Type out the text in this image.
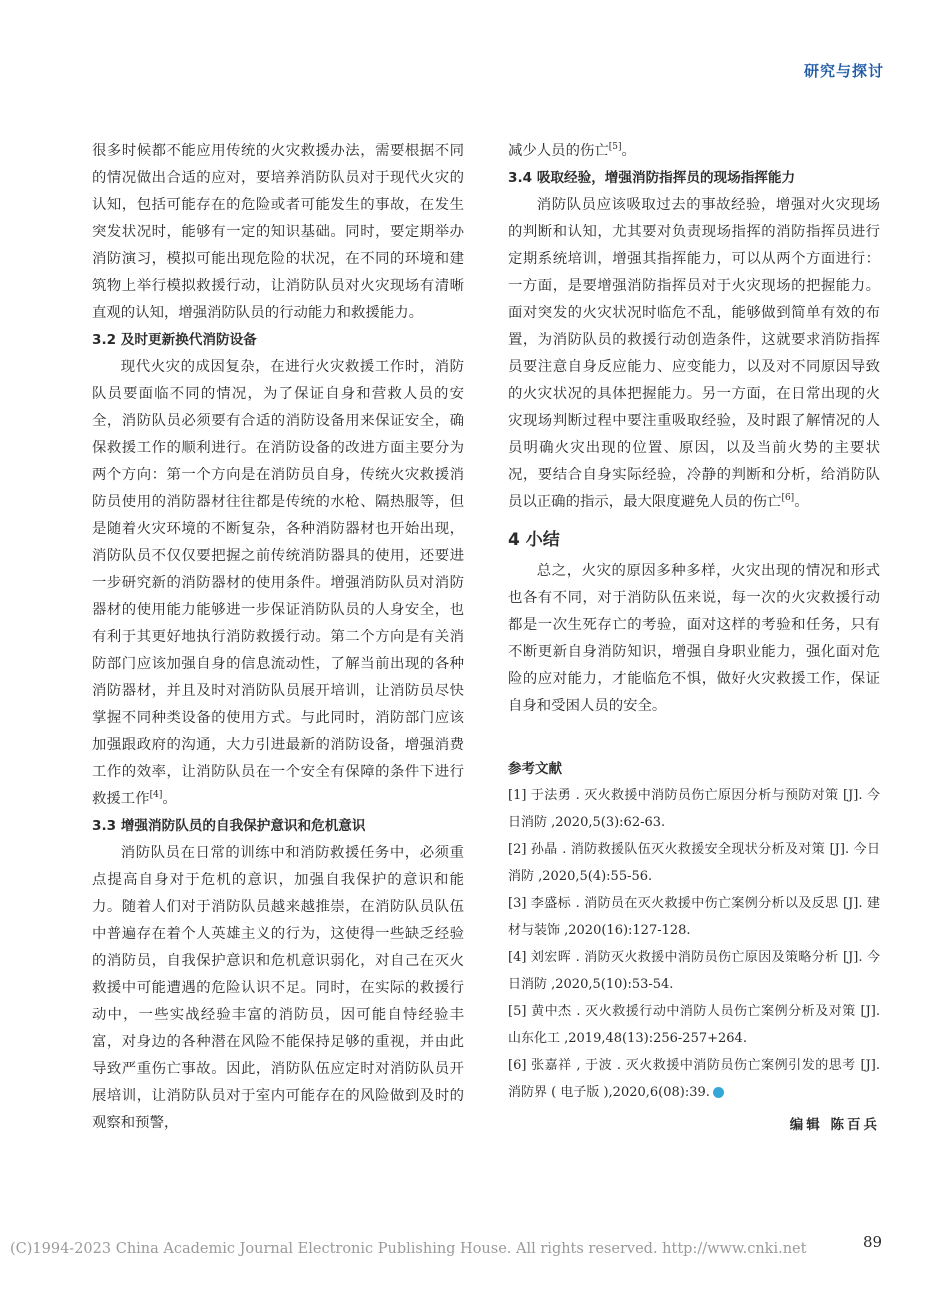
研究与探讨

很多时候都不能应用传统的火灾救援办法，需要根据不同的情况做出合适的应对，要培养消防队员对于现代火灾的认知，包括可能存在的危险或者可能发生的事故，在发生突发状况时，能够有一定的知识基础。同时，要定期举办消防演习，模拟可能出现危险的状况，在不同的环境和建筑物上举行模拟救援行动，让消防队员对火灾现场有清晰直观的认知，增强消防队员的行动能力和救援能力。

3.2 及时更新换代消防设备

现代火灾的成因复杂，在进行火灾救援工作时，消防队员要面临不同的情况，为了保证自身和营救人员的安全，消防队员必须要有合适的消防设备用来保证安全，确保救援工作的顺利进行。在消防设备的改进方面主要分为两个方向：第一个方向是在消防员自身，传统火灾救援消防员使用的消防器材往往都是传统的水枪、隔热服等，但是随着火灾环境的不断复杂，各种消防器材也开始出现，消防队员不仅仅要把握之前传统消防器具的使用，还要进一步研究新的消防器材的使用条件。增强消防队员对消防器材的使用能力能够进一步保证消防队员的人身安全，也有利于其更好地执行消防救援行动。第二个方向是有关消防部门应该加强自身的信息流动性，了解当前出现的各种消防器材，并且及时对消防队员展开培训，让消防员尽快掌握不同种类设备的使用方式。与此同时，消防部门应该加强跟政府的沟通，大力引进最新的消防设备，增强消费工作的效率，让消防队员在一个安全有保障的条件下进行救援工作[4]。

3.3 增强消防队员的自我保护意识和危机意识

消防队员在日常的训练中和消防救援任务中，必须重点提高自身对于危机的意识，加强自我保护的意识和能力。随着人们对于消防队员越来越推崇，在消防队员队伍中普遍存在着个人英雄主义的行为，这使得一些缺乏经验的消防员，自我保护意识和危机意识弱化，对自己在灭火救援中可能遭遇的危险认识不足。同时，在实际的救援行动中，一些实战经验丰富的消防员，因可能自恃经验丰富，对身边的各种潜在风险不能保持足够的重视，并由此导致严重伤亡事故。因此，消防队伍应定时对消防队员开展培训，让消防队员对于室内可能存在的风险做到及时的观察和预警，

减少人员的伤亡[5]。

3.4 吸取经验，增强消防指挥员的现场指挥能力

消防队员应该吸取过去的事故经验，增强对火灾现场的判断和认知，尤其要对负责现场指挥的消防指挥员进行定期系统培训，增强其指挥能力，可以从两个方面进行：一方面，是要增强消防指挥员对于火灾现场的把握能力。面对突发的火灾状况时临危不乱，能够做到简单有效的布置，为消防队员的救援行动创造条件，这就要求消防指挥员要注意自身反应能力、应变能力，以及对不同原因导致的火灾状况的具体把握能力。另一方面，在日常出现的火灾现场判断过程中要注重吸取经验，及时跟了解情况的人员明确火灾出现的位置、原因，以及当前火势的主要状况，要结合自身实际经验，冷静的判断和分析，给消防队员以正确的指示，最大限度避免人员的伤亡[6]。

4 小结

总之，火灾的原因多种多样，火灾出现的情况和形式也各有不同，对于消防队伍来说，每一次的火灾救援行动都是一次生死存亡的考验，面对这样的考验和任务，只有不断更新自身消防知识，增强自身职业能力，强化面对危险的应对能力，才能临危不惧，做好火灾救援工作，保证自身和受困人员的安全。

参考文献
[1] 于法勇 . 灭火救援中消防员伤亡原因分析与预防对策 [J]. 今日消防 ,2020,5(3):62-63.
[2] 孙晶 . 消防救援队伍灭火救援安全现状分析及对策 [J]. 今日消防 ,2020,5(4):55-56.
[3] 李盛标 . 消防员在灭火救援中伤亡案例分析以及反思 [J]. 建材与装饰 ,2020(16):127-128.
[4] 刘宏晖 . 消防灭火救援中消防员伤亡原因及策略分析 [J]. 今日消防 ,2020,5(10):53-54.
[5] 黄中杰 . 灭火救援行动中消防人员伤亡案例分析及对策 [J]. 山东化工 ,2019,48(13):256-257+264.
[6] 张嘉祥 , 于波 . 灭火救援中消防员伤亡案例引发的思考 [J]. 消防界 ( 电子版 ),2020,6(08):39.
编辑 陈百兵
(C)1994-2023 China Academic Journal Electronic Publishing House. All rights reserved. http://www.cnki.net	89
